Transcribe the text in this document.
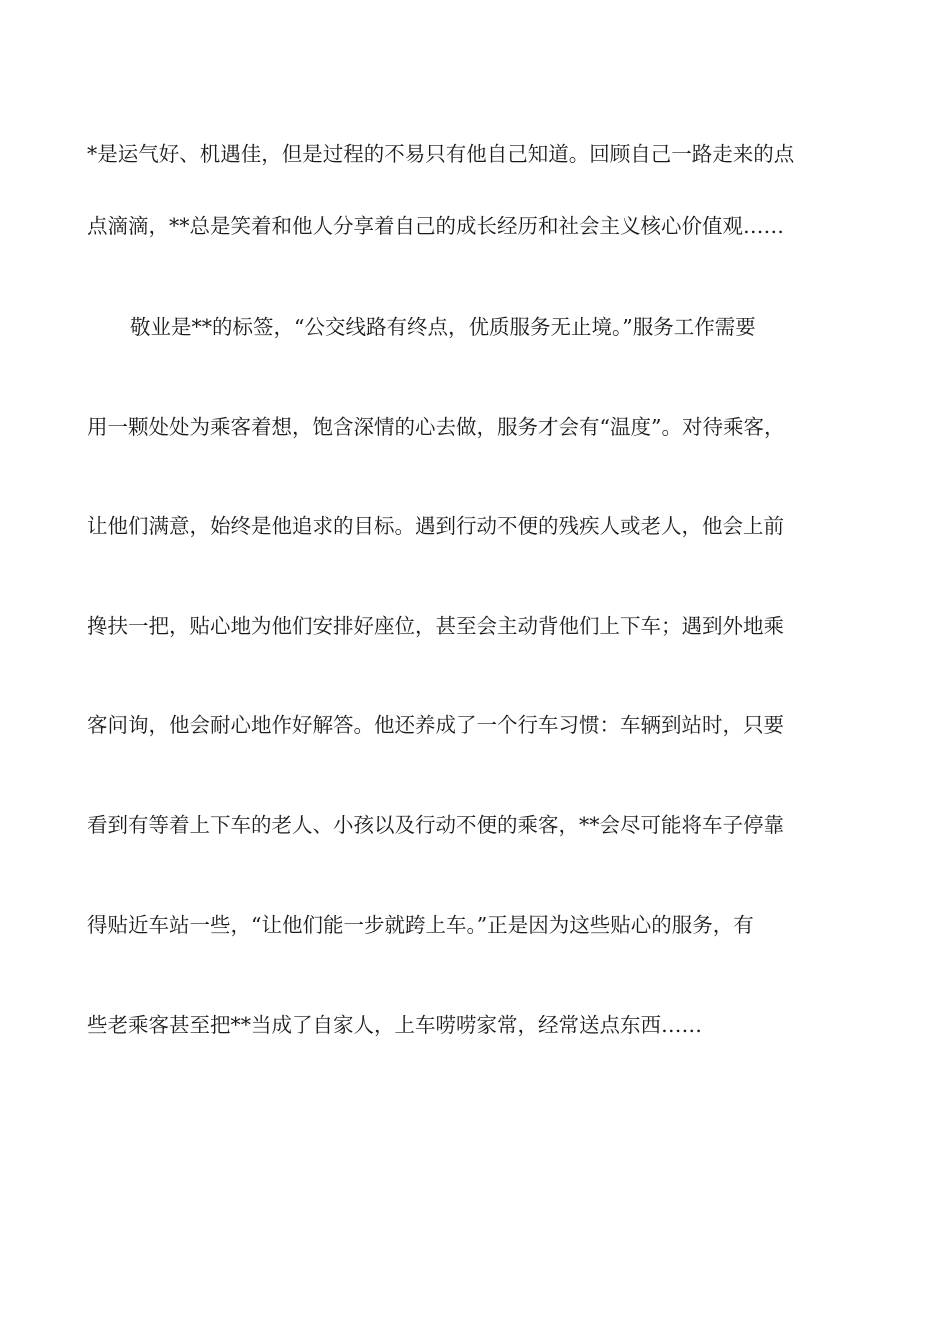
*是运气好、机遇佳，但是过程的不易只有他自己知道。回顾自己一路走来的点
点滴滴，**总是笑着和他人分享着自己的成长经历和社会主义核心价值观……
敬业是**的标签，“公交线路有终点，优质服务无止境。”服务工作需要
用一颗处处为乘客着想，饱含深情的心去做，服务才会有“温度”。对待乘客，
让他们满意，始终是他追求的目标。遇到行动不便的残疾人或老人，他会上前
搀扶一把，贴心地为他们安排好座位，甚至会主动背他们上下车；遇到外地乘
客问询，他会耐心地作好解答。他还养成了一个行车习惯：车辆到站时，只要
看到有等着上下车的老人、小孩以及行动不便的乘客，**会尽可能将车子停靠
得贴近车站一些，“让他们能一步就跨上车。”正是因为这些贴心的服务，有
些老乘客甚至把**当成了自家人，上车唠唠家常，经常送点东西……
